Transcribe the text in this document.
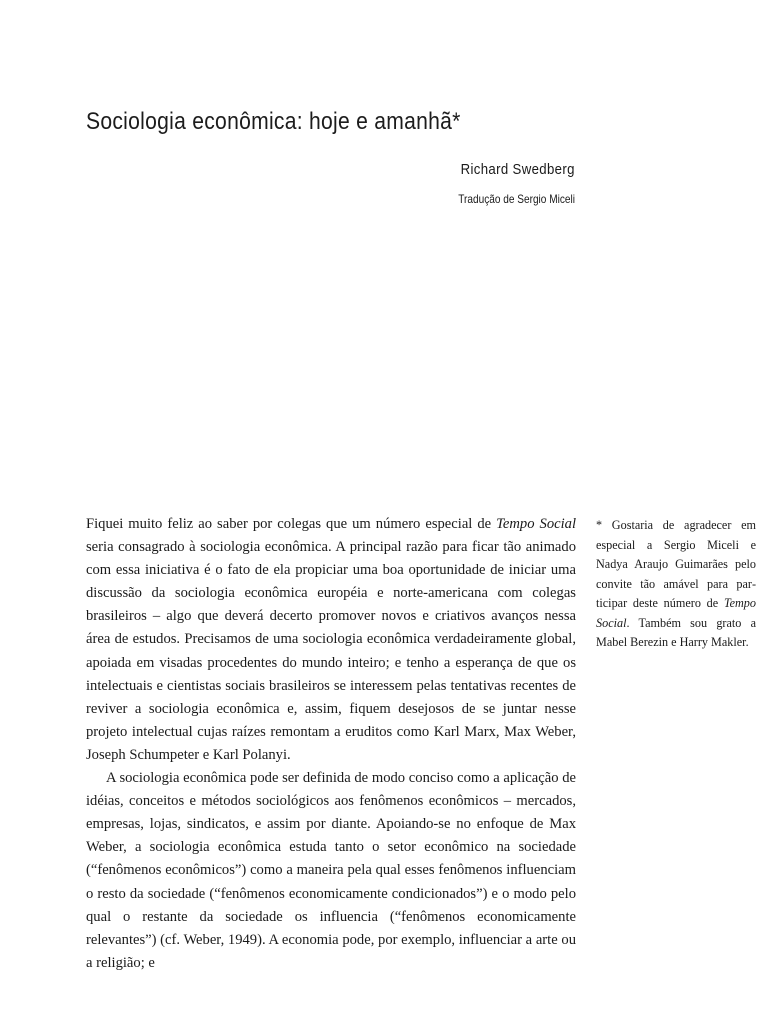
Sociologia econômica: hoje e amanhã*
Richard Swedberg
Tradução de Sergio Miceli

Fiquei muito feliz ao saber por colegas que um número especial de Tempo Social seria consagrado à sociologia econômica. A principal razão para ficar tão animado com essa iniciativa é o fato de ela propiciar uma boa oportunidade de iniciar uma discussão da sociologia econômica européia e norte-americana com colegas brasileiros – algo que deverá decerto promover novos e criativos avanços nessa área de estudos. Precisamos de uma sociologia econômica verdadeiramente global, apoiada em visadas procedentes do mundo inteiro; e tenho a esperança de que os intelectuais e cientistas sociais brasileiros se interessem pelas tentativas recentes de reviver a sociologia econômica e, assim, fiquem desejosos de se juntar nesse projeto intelectual cujas raízes remontam a eruditos como Karl Marx, Max Weber, Joseph Schumpeter e Karl Polanyi.

A sociologia econômica pode ser definida de modo conciso como a aplicação de idéias, conceitos e métodos sociológicos aos fenômenos econômicos – mercados, empresas, lojas, sindicatos, e assim por diante. Apoiando-se no enfoque de Max Weber, a sociologia econômica estuda tanto o setor econômico na sociedade (“fenômenos econômicos”) como a maneira pela qual esses fenômenos influenciam o resto da sociedade (“fenômenos economicamente condicionados”) e o modo pelo qual o restante da sociedade os influencia (“fenômenos economicamente relevantes”) (cf. Weber, 1949). A economia pode, por exemplo, influenciar a arte ou a religião; e

* Gostaria de agradecer em especial a Sergio Miceli e Nadya Araujo Guimarães pelo convite tão amável para participar deste número de Tempo Social. Também sou grato a Mabel Berezin e Harry Makler.
